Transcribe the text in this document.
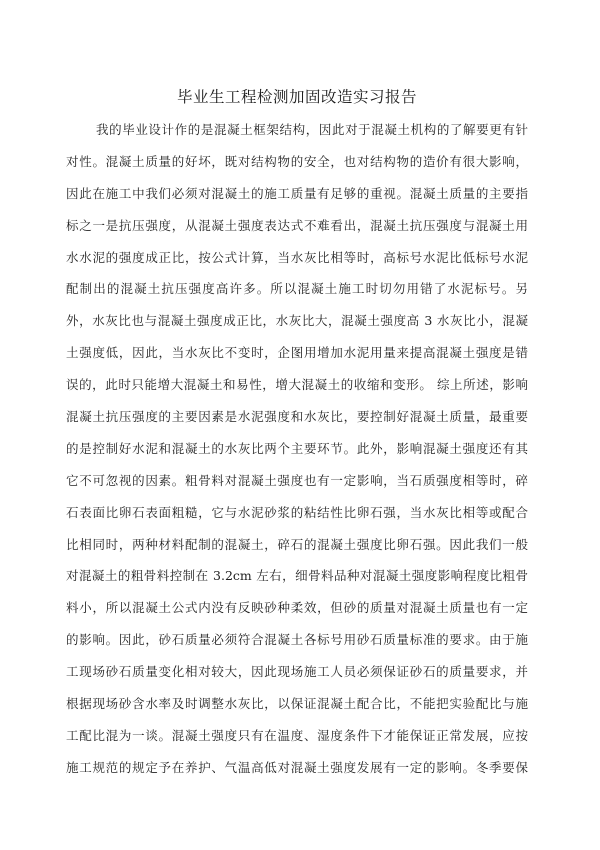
毕业生工程检测加固改造实习报告
我的毕业设计作的是混凝土框架结构，因此对于混凝土机构的了解要更有针
对性。混凝土质量的好坏，既对结构物的安全，也对结构物的造价有很大影响，
因此在施工中我们必须对混凝土的施工质量有足够的重视。混凝土质量的主要指
标之一是抗压强度，从混凝土强度表达式不难看出，混凝土抗压强度与混凝土用
水水泥的强度成正比，按公式计算，当水灰比相等时，高标号水泥比低标号水泥
配制出的混凝土抗压强度高许多。所以混凝土施工时切勿用错了水泥标号。另
外，水灰比也与混凝土强度成正比，水灰比大，混凝土强度高 3 水灰比小，混凝
土强度低，因此，当水灰比不变时，企图用增加水泥用量来提高混凝土强度是错
误的，此时只能增大混凝土和易性，增大混凝土的收缩和变形。 综上所述，影响
混凝土抗压强度的主要因素是水泥强度和水灰比，要控制好混凝土质量，最重要
的是控制好水泥和混凝土的水灰比两个主要环节。此外，影响混凝土强度还有其
它不可忽视的因素。粗骨料对混凝土强度也有一定影响，当石质强度相等时，碎
石表面比卵石表面粗糙，它与水泥砂浆的粘结性比卵石强，当水灰比相等或配合
比相同时，两种材料配制的混凝土，碎石的混凝土强度比卵石强。因此我们一般
对混凝土的粗骨料控制在 3.2cm 左右，细骨料品种对混凝土强度影响程度比粗骨
料小，所以混凝土公式内没有反映砂种柔效，但砂的质量对混凝土质量也有一定
的影响。因此，砂石质量必须符合混凝土各标号用砂石质量标准的要求。由于施
工现场砂石质量变化相对较大，因此现场施工人员必须保证砂石的质量要求，并
根据现场砂含水率及时调整水灰比，以保证混凝土配合比，不能把实验配比与施
工配比混为一谈。混凝土强度只有在温度、湿度条件下才能保证正常发展，应按
施工规范的规定予在养护、气温高低对混凝土强度发展有一定的影响。冬季要保
